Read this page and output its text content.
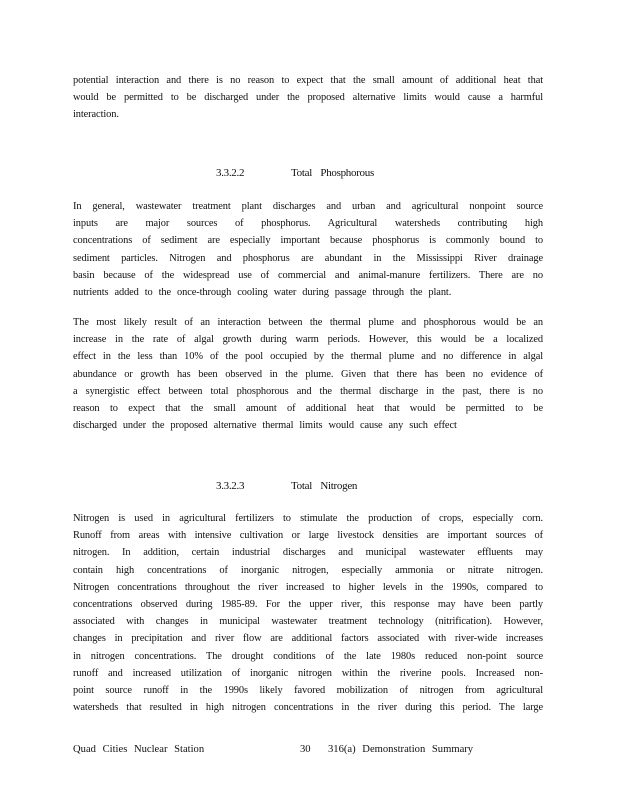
potential interaction and there is no reason to expect that the small amount of additional heat that
would be permitted to be discharged under the proposed alternative limits would cause a harmful
interaction.
3.3.2.2	Total Phosphorous
In general, wastewater treatment plant discharges and urban and agricultural nonpoint source
inputs are major sources of phosphorus. Agricultural watersheds contributing high
concentrations of sediment are especially important because phosphorus is commonly bound to
sediment particles. Nitrogen and phosphorus are abundant in the Mississippi River drainage
basin because of the widespread use of commercial and animal-manure fertilizers. There are no
nutrients added to the once-through cooling water during passage through the plant.
The most likely result of an interaction between the thermal plume and phosphorous would be an
increase in the rate of algal growth during warm periods. However, this would be a localized
effect in the less than 10% of the pool occupied by the thermal plume and no difference in algal
abundance or growth has been observed in the plume. Given that there has been no evidence of
a synergistic effect between total phosphorous and the thermal discharge in the past, there is no
reason to expect that the small amount of additional heat that would be permitted to be
discharged under the proposed alternative thermal limits would cause any such effect
3.3.2.3	Total Nitrogen
Nitrogen is used in agricultural fertilizers to stimulate the production of crops, especially corn.
Runoff from areas with intensive cultivation or large livestock densities are important sources of
nitrogen. In addition, certain industrial discharges and municipal wastewater effluents may
contain high concentrations of inorganic nitrogen, especially ammonia or nitrate nitrogen.
Nitrogen concentrations throughout the river increased to higher levels in the 1990s, compared to
concentrations observed during 1985-89. For the upper river, this response may have been partly
associated with changes in municipal wastewater treatment technology (nitrification). However,
changes in precipitation and river flow are additional factors associated with river-wide increases
in nitrogen concentrations. The drought conditions of the late 1980s reduced non-point source
runoff and increased utilization of inorganic nitrogen within the riverine pools. Increased non-
point source runoff in the 1990s likely favored mobilization of nitrogen from agricultural
watersheds that resulted in high nitrogen concentrations in the river during this period. The large
Quad Cities Nuclear Station	30 316(a) Demonstration Summary
